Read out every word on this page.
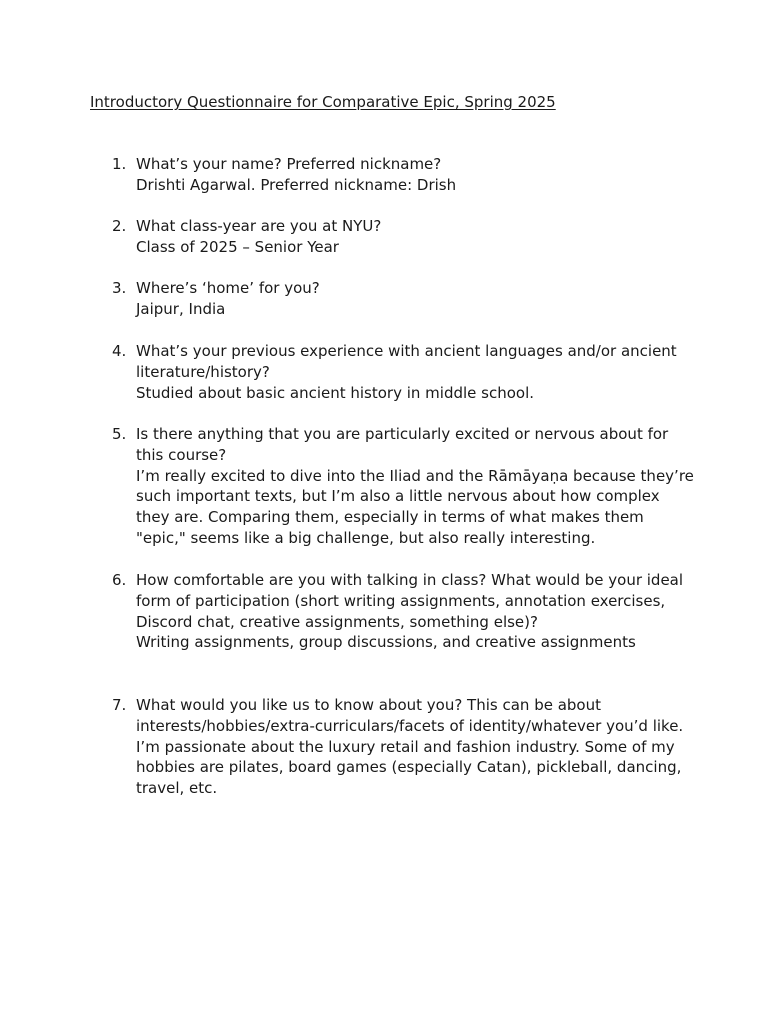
Introductory Questionnaire for Comparative Epic, Spring 2025
1. What’s your name? Preferred nickname?
Drishti Agarwal. Preferred nickname: Drish
2. What class-year are you at NYU?
Class of 2025 – Senior Year
3. Where’s ‘home’ for you?
Jaipur, India
4. What’s your previous experience with ancient languages and/or ancient literature/history?
Studied about basic ancient history in middle school.
5. Is there anything that you are particularly excited or nervous about for this course?
I’m really excited to dive into the Iliad and the Rāmāyaṇa because they’re such important texts, but I’m also a little nervous about how complex they are. Comparing them, especially in terms of what makes them "epic," seems like a big challenge, but also really interesting.
6. How comfortable are you with talking in class? What would be your ideal form of participation (short writing assignments, annotation exercises, Discord chat, creative assignments, something else)?
Writing assignments, group discussions, and creative assignments
7. What would you like us to know about you? This can be about interests/hobbies/extra-curriculars/facets of identity/whatever you’d like.
I’m passionate about the luxury retail and fashion industry. Some of my hobbies are pilates, board games (especially Catan), pickleball, dancing, travel, etc.
